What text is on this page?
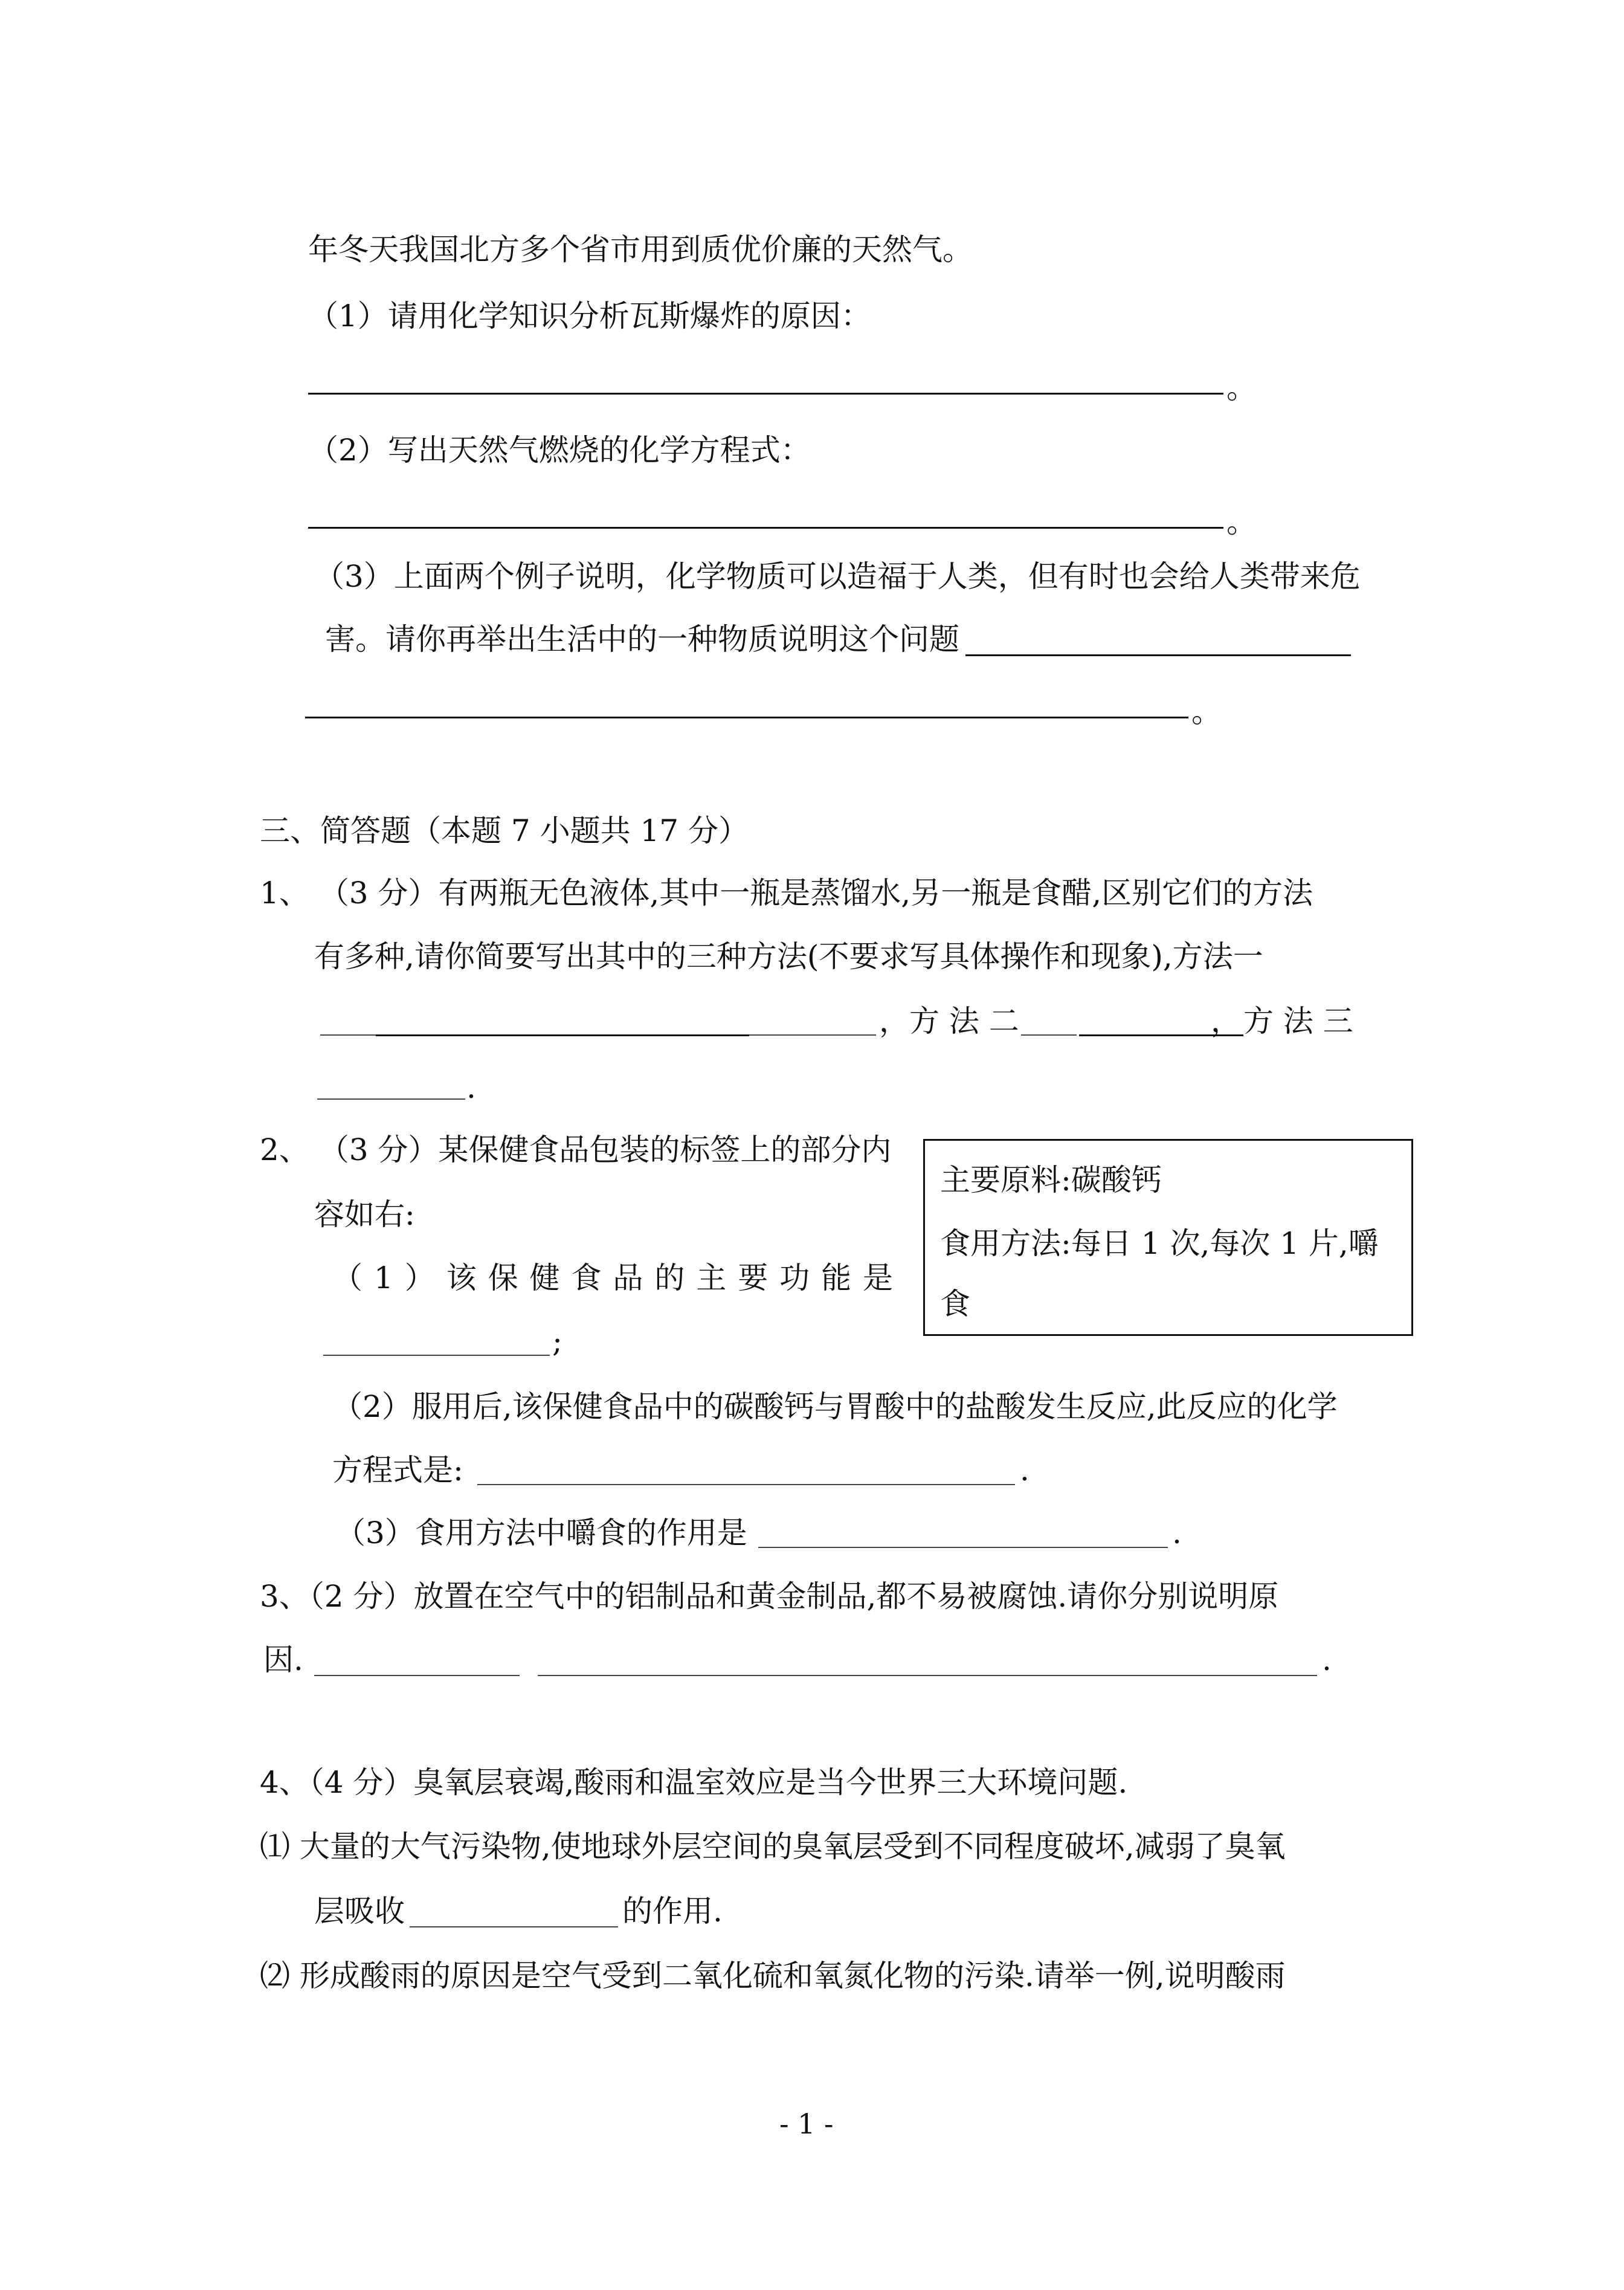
年冬天我国北方多个省市用到质优价廉的天然气。
（1）请用化学知识分析瓦斯爆炸的原因：
。
（2）写出天然气燃烧的化学方程式：
。
（3）上面两个例子说明，化学物质可以造福于人类，但有时也会给人类带来危
害。请你再举出生活中的一种物质说明这个问题
。
三、简答题（本题 7 小题共 17 分）
1、 （3 分）有两瓶无色液体,其中一瓶是蒸馏水,另一瓶是食醋,区别它们的方法
有多种,请你简要写出其中的三种方法(不要求写具体操作和现象),方法一
，方 法 二	， 方 法 三
.
2、 （3 分）某保健食品包装的标签上的部分内
容如右:
（ 1 ） 该 保 健 食 品 的 主 要 功 能 是
;
主要原料:碳酸钙
食用方法:每日 1 次,每次 1 片,嚼
食
（2）服用后,该保健食品中的碳酸钙与胃酸中的盐酸发生反应,此反应的化学
方程式是:	.
（3）食用方法中嚼食的作用是	.
3、（2 分）放置在空气中的铝制品和黄金制品,都不易被腐蚀.请你分别说明原
因.	.
4、（4 分）臭氧层衰竭,酸雨和温室效应是当今世界三大环境问题.
⑴ 大量的大气污染物,使地球外层空间的臭氧层受到不同程度破坏,减弱了臭氧
层吸收	的作用.
⑵ 形成酸雨的原因是空气受到二氧化硫和氧氮化物的污染.请举一例,说明酸雨
- 1 -
